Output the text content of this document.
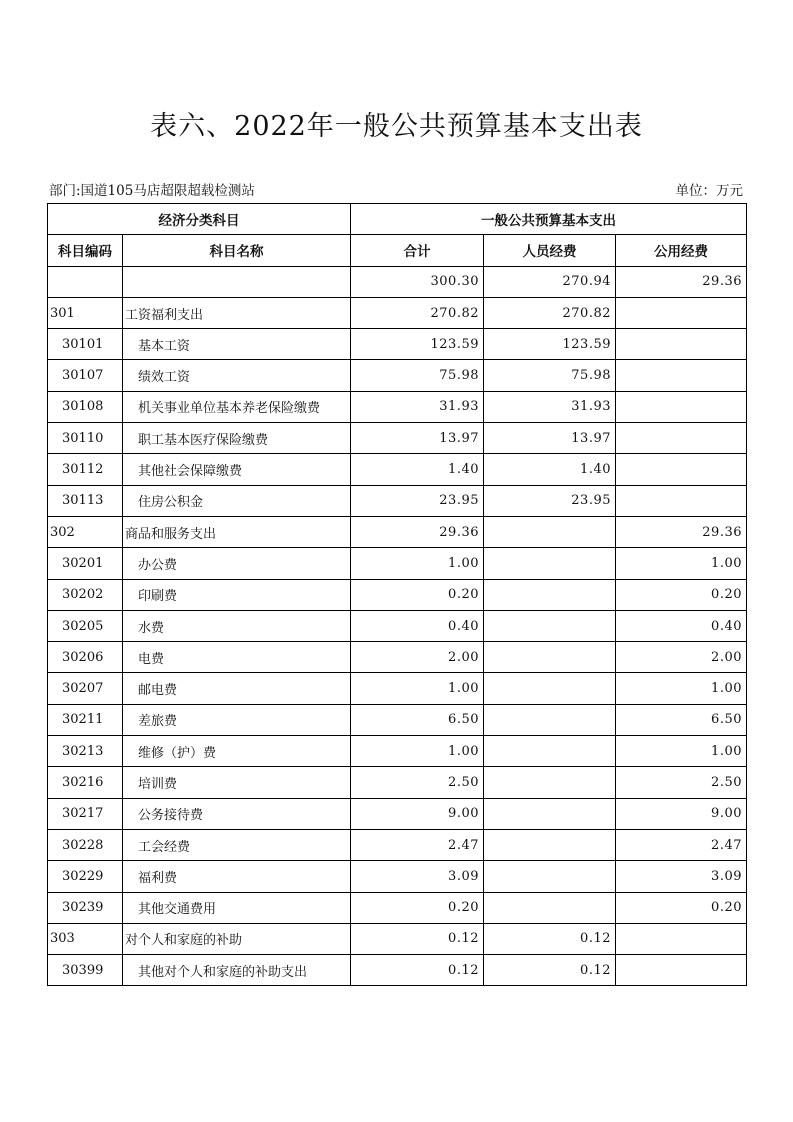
表六、2022年一般公共预算基本支出表
部门:国道105马店超限超载检测站	单位：万元
经济分类科目		一般公共预算基本支出		
科目编码	科目名称	合计	人员经费	公用经费
		300.30	270.94	29.36
301	工资福利支出	270.82	270.82	
30101	基本工资	123.59	123.59	
30107	绩效工资	75.98	75.98	
30108	机关事业单位基本养老保险缴费	31.93	31.93	
30110	职工基本医疗保险缴费	13.97	13.97	
30112	其他社会保障缴费	1.40	1.40	
30113	住房公积金	23.95	23.95	
302	商品和服务支出	29.36		29.36
30201	办公费	1.00		1.00
30202	印刷费	0.20		0.20
30205	水费	0.40		0.40
30206	电费	2.00		2.00
30207	邮电费	1.00		1.00
30211	差旅费	6.50		6.50
30213	维修（护）费	1.00		1.00
30216	培训费	2.50		2.50
30217	公务接待费	9.00		9.00
30228	工会经费	2.47		2.47
30229	福利费	3.09		3.09
30239	其他交通费用	0.20		0.20
303	对个人和家庭的补助	0.12	0.12	
30399	其他对个人和家庭的补助支出	0.12	0.12	
